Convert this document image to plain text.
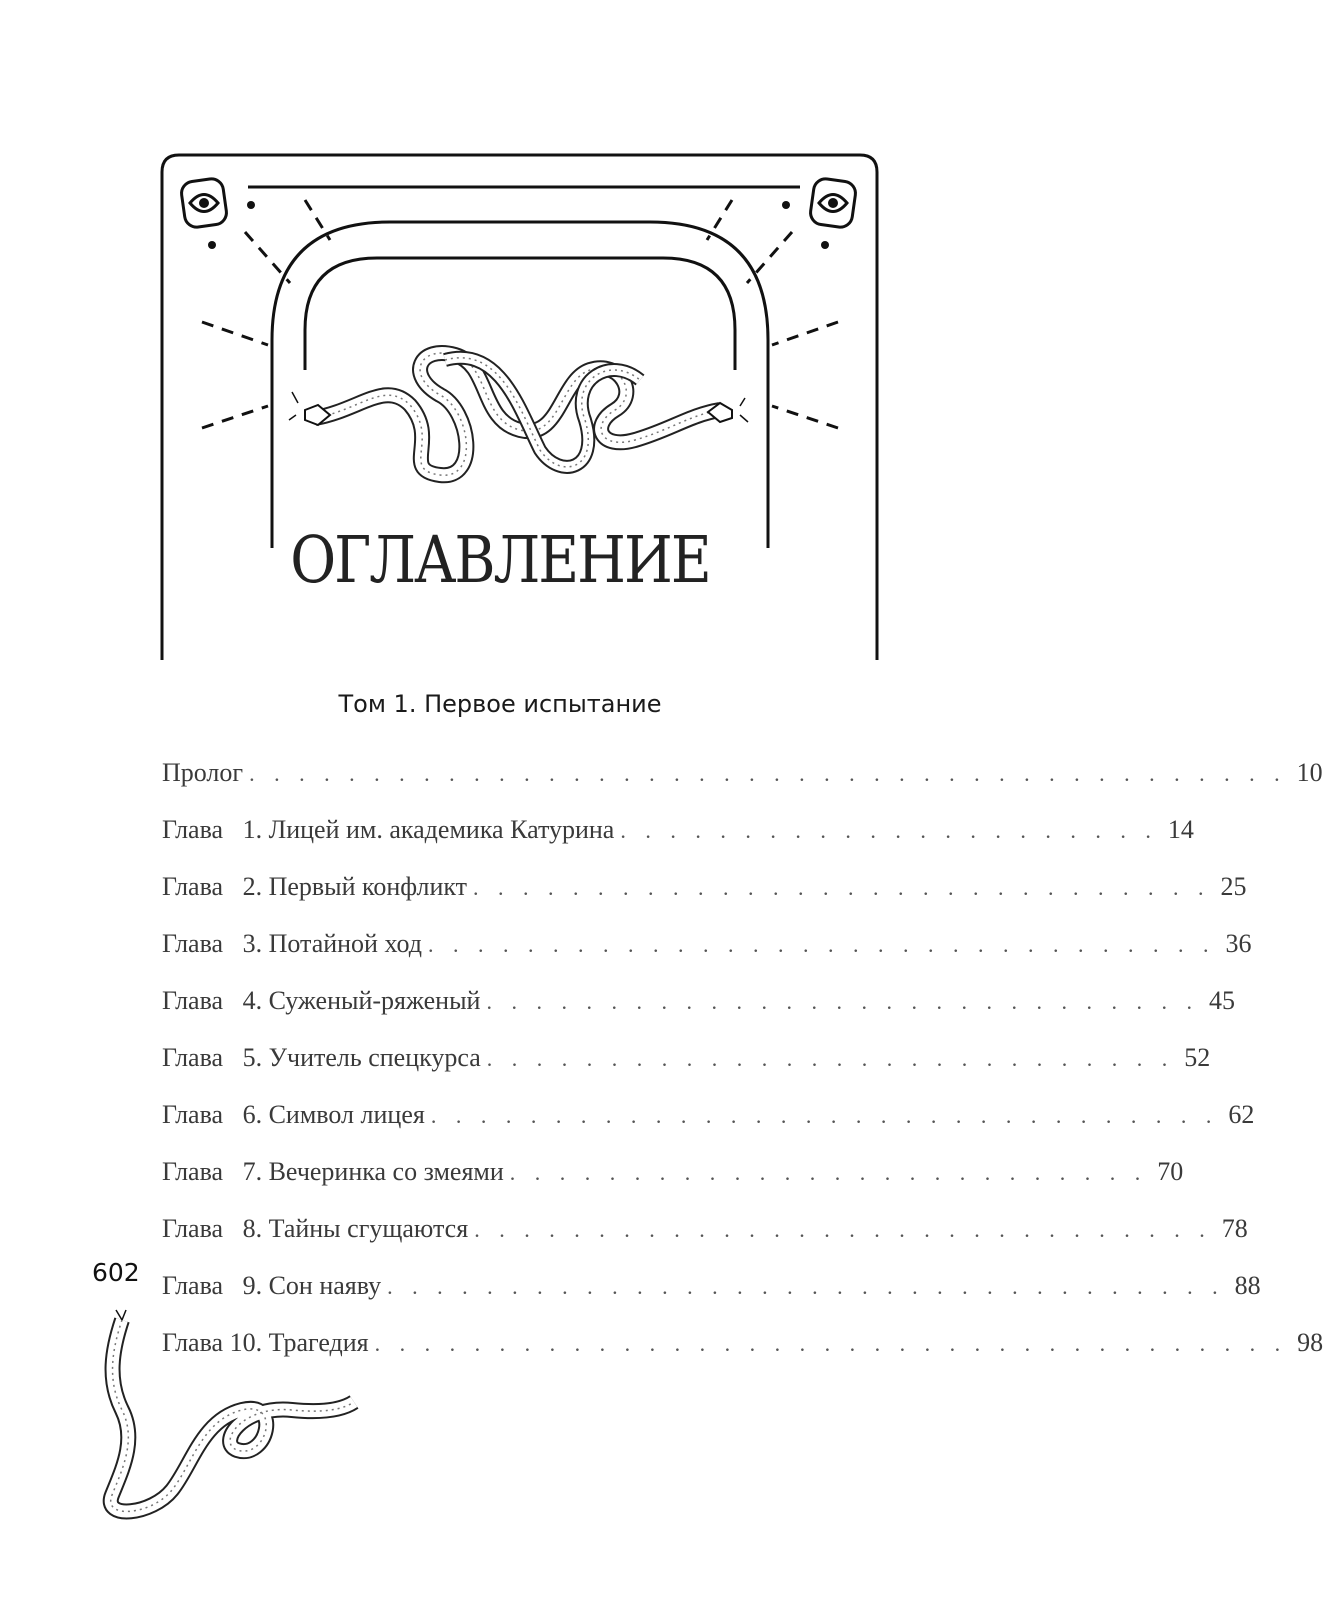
ОГЛАВЛЕНИЕ
Том 1. Первое испытание
Пролог . . . . . . . . . . . . . . . . . . . . . . . . . . . . . . . . . . . . . . . . . . 10
Глава
1.
Лицей им. академика Катурина . . . . . . . . . . . . . . . . . . . . . . 14
Глава
2.
Первый конфликт . . . . . . . . . . . . . . . . . . . . . . . . . . . . . . 25
Глава
3.
Потайной ход . . . . . . . . . . . . . . . . . . . . . . . . . . . . . . . . 36
Глава
4.
Суженый-ряженый . . . . . . . . . . . . . . . . . . . . . . . . . . . . . 45
Глава
5.
Учитель спецкурса . . . . . . . . . . . . . . . . . . . . . . . . . . . . 52
Глава
6.
Символ лицея . . . . . . . . . . . . . . . . . . . . . . . . . . . . . . . . 62
Глава
7.
Вечеринка со змеями . . . . . . . . . . . . . . . . . . . . . . . . . . 70
Глава
8.
Тайны сгущаются . . . . . . . . . . . . . . . . . . . . . . . . . . . . . . 78
Глава
9.
Сон наяву . . . . . . . . . . . . . . . . . . . . . . . . . . . . . . . . . . 88
Глава
10.
Трагедия . . . . . . . . . . . . . . . . . . . . . . . . . . . . . . . . . . . . . 98
602
